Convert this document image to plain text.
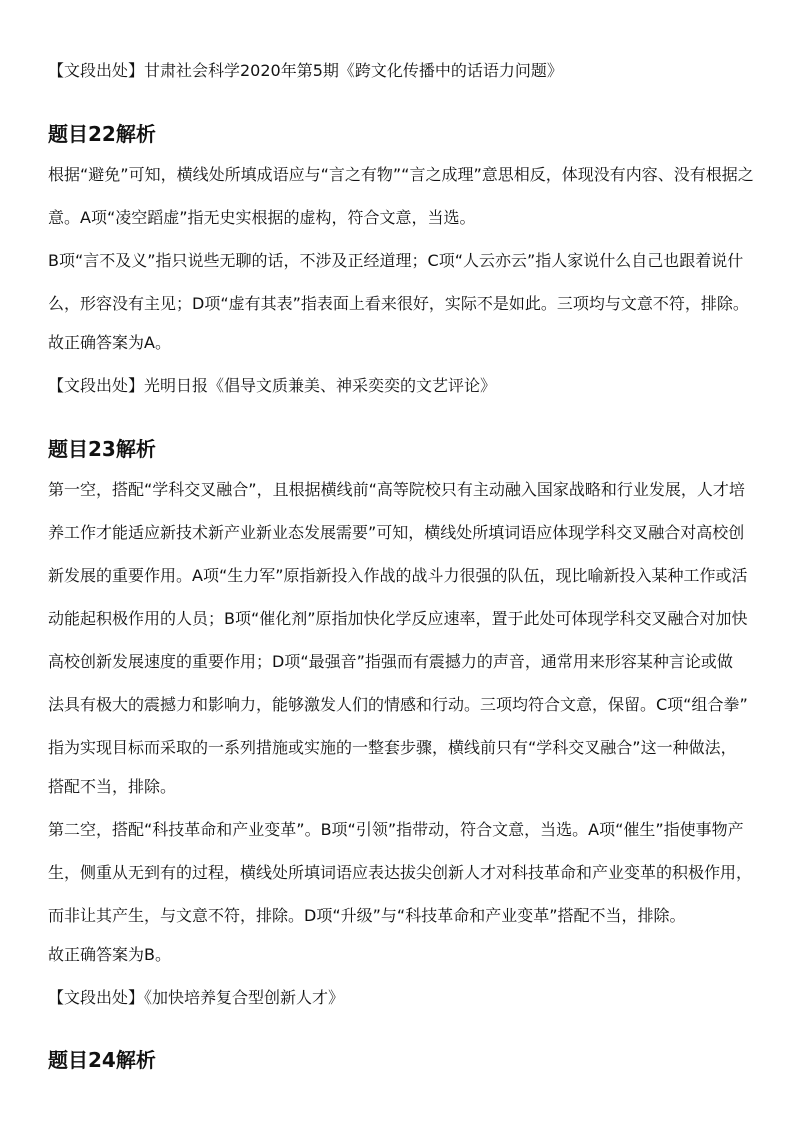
【文段出处】甘肃社会科学2020年第5期《跨文化传播中的话语力问题》
题目22解析
根据“避免”可知，横线处所填成语应与“言之有物”“言之成理”意思相反，体现没有内容、没有根据之
意。A项“凌空蹈虚”指无史实根据的虚构，符合文意，当选。
B项“言不及义”指只说些无聊的话，不涉及正经道理；C项“人云亦云”指人家说什么自己也跟着说什
么，形容没有主见；D项“虚有其表”指表面上看来很好，实际不是如此。三项均与文意不符，排除。
故正确答案为A。
【文段出处】光明日报《倡导文质兼美、神采奕奕的文艺评论》
题目23解析
第一空，搭配“学科交叉融合”，且根据横线前“高等院校只有主动融入国家战略和行业发展，人才培
养工作才能适应新技术新产业新业态发展需要”可知，横线处所填词语应体现学科交叉融合对高校创
新发展的重要作用。A项“生力军”原指新投入作战的战斗力很强的队伍，现比喻新投入某种工作或活
动能起积极作用的人员；B项“催化剂”原指加快化学反应速率，置于此处可体现学科交叉融合对加快
高校创新发展速度的重要作用；D项“最强音”指强而有震撼力的声音，通常用来形容某种言论或做
法具有极大的震撼力和影响力，能够激发人们的情感和行动。三项均符合文意，保留。C项“组合拳”
指为实现目标而采取的一系列措施或实施的一整套步骤，横线前只有“学科交叉融合”这一种做法，
搭配不当，排除。
第二空，搭配“科技革命和产业变革”。B项“引领”指带动，符合文意，当选。A项“催生”指使事物产
生，侧重从无到有的过程，横线处所填词语应表达拔尖创新人才对科技革命和产业变革的积极作用，
而非让其产生，与文意不符，排除。D项“升级”与“科技革命和产业变革”搭配不当，排除。
故正确答案为B。
【文段出处】《加快培养复合型创新人才》
题目24解析
